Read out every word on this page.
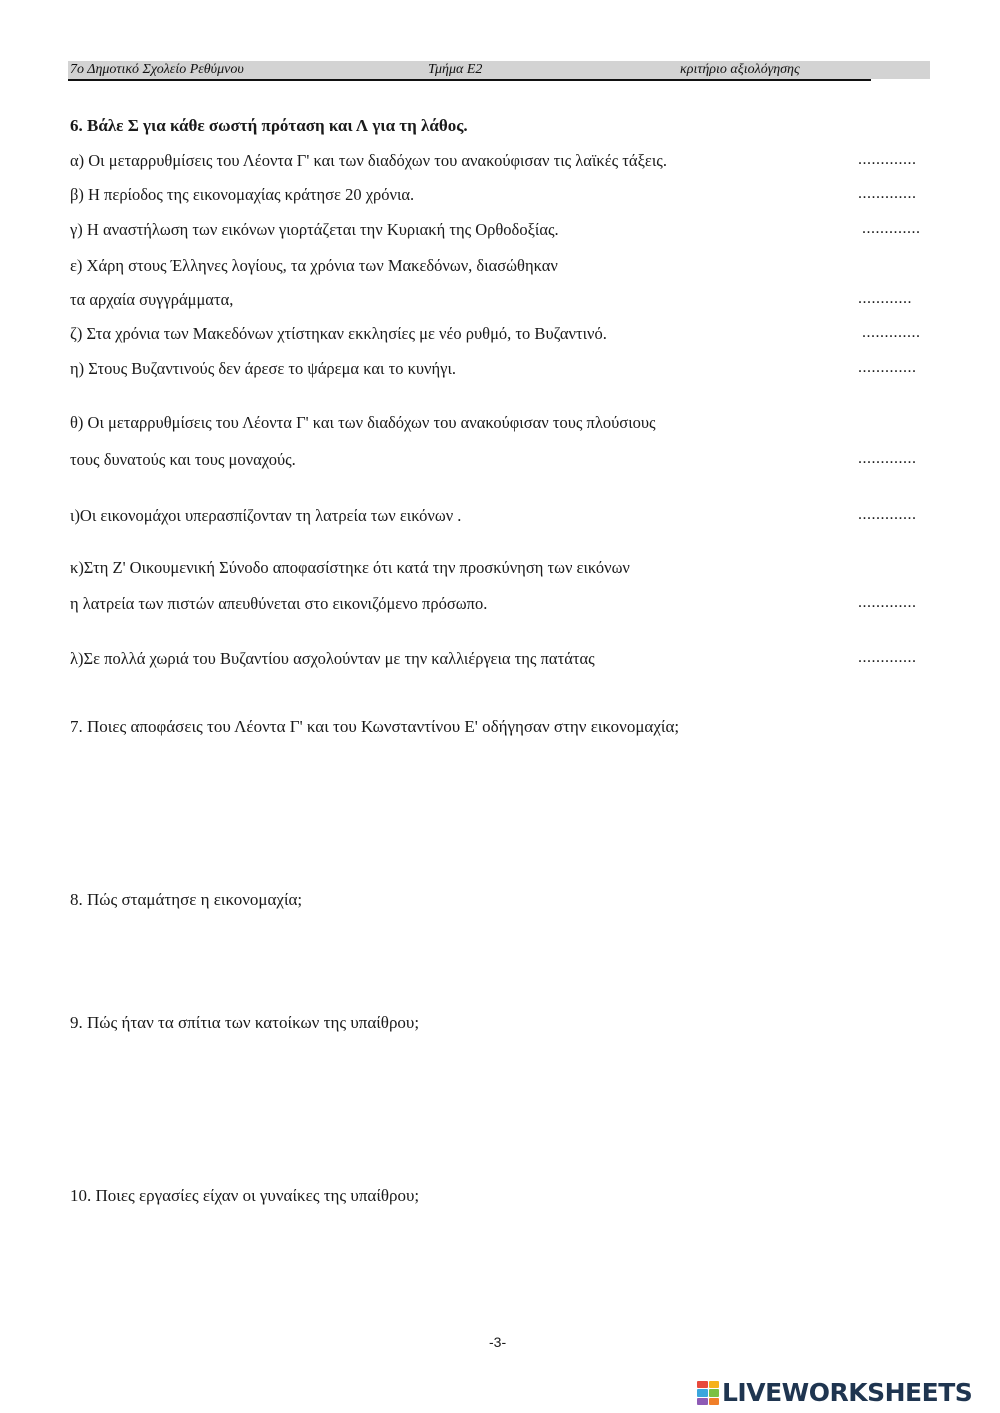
7ο Δημοτικό Σχολείο Ρεθύμνου	Τμήμα Ε2	κριτήριο αξιολόγησης
6. Βάλε Σ για κάθε σωστή πρόταση και Λ για τη λάθος.
α) Οι μεταρρυθμίσεις του Λέοντα Γ' και των διαδόχων του ανακούφισαν τις λαϊκές τάξεις.	.............
β) Η περίοδος της εικονομαχίας κράτησε 20 χρόνια.	.............
γ) Η αναστήλωση των εικόνων γιορτάζεται την Κυριακή της Ορθοδοξίας.	.............
ε) Χάρη στους Έλληνες λογίους, τα χρόνια των Μακεδόνων, διασώθηκαν
τα αρχαία συγγράμματα,	............
ζ) Στα χρόνια των Μακεδόνων χτίστηκαν εκκλησίες με νέο ρυθμό, το Βυζαντινό.	.............
η) Στους Βυζαντινούς δεν άρεσε το ψάρεμα και το κυνήγι.	.............
θ) Οι μεταρρυθμίσεις του Λέοντα Γ' και των διαδόχων του ανακούφισαν τους πλούσιους
τους δυνατούς και τους μοναχούς.	.............
ι)Οι εικονομάχοι υπερασπίζονταν τη λατρεία των εικόνων .	.............
κ)Στη Ζ' Οικουμενική Σύνοδο αποφασίστηκε ότι κατά την προσκύνηση των εικόνων
η λατρεία των πιστών απευθύνεται στο εικονιζόμενο πρόσωπο.	.............
λ)Σε πολλά χωριά του Βυζαντίου ασχολούνταν με την καλλιέργεια της πατάτας	.............
7. Ποιες αποφάσεις του Λέοντα Γ' και του Κωνσταντίνου Ε' οδήγησαν στην εικονομαχία;
8. Πώς σταμάτησε η εικονομαχία;
9. Πώς ήταν τα σπίτια των κατοίκων της υπαίθρου;
10. Ποιες εργασίες είχαν οι γυναίκες της υπαίθρου;
-3-
LIVEWORKSHEETS
